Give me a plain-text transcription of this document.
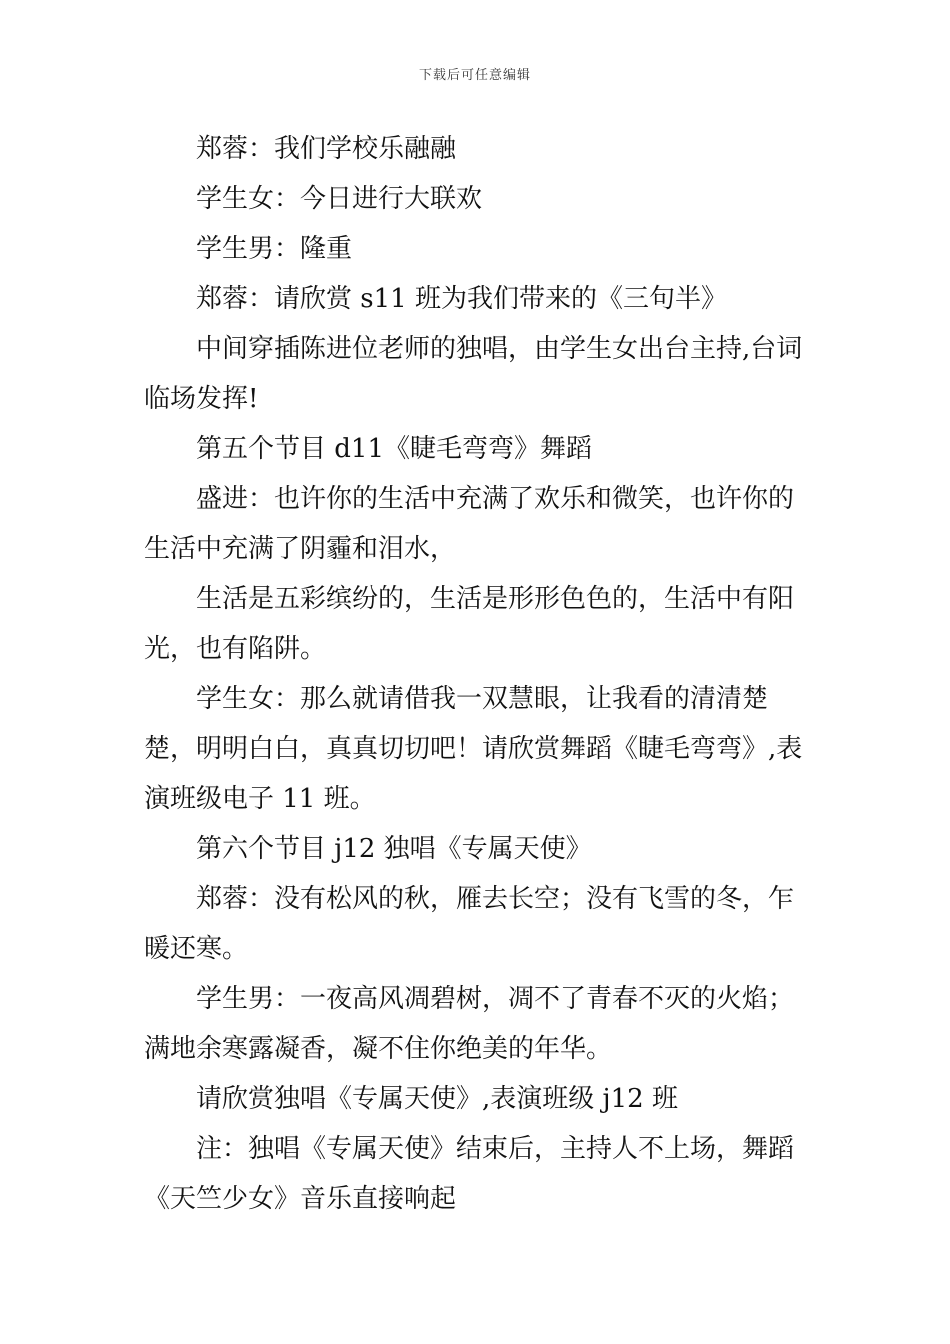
下载后可任意编辑

郑蓉：我们学校乐融融

学生女：今日进行大联欢

学生男：隆重

郑蓉：请欣赏 s11 班为我们带来的《三句半》

中间穿插陈进位老师的独唱，由学生女出台主持,台词临场发挥!

第五个节目 d11《睫毛弯弯》舞蹈

盛进：也许你的生活中充满了欢乐和微笑，也许你的生活中充满了阴霾和泪水，

生活是五彩缤纷的，生活是形形色色的，生活中有阳光，也有陷阱。

学生女：那么就请借我一双慧眼，让我看的清清楚楚，明明白白，真真切切吧！请欣赏舞蹈《睫毛弯弯》,表演班级电子 11 班。

第六个节目 j12 独唱《专属天使》

郑蓉：没有松风的秋，雁去长空；没有飞雪的冬，乍暖还寒。

学生男：一夜高风凋碧树，凋不了青春不灭的火焰；满地余寒露凝香，凝不住你绝美的年华。

请欣赏独唱《专属天使》,表演班级 j12 班

注：独唱《专属天使》结束后，主持人不上场，舞蹈《天竺少女》音乐直接响起
